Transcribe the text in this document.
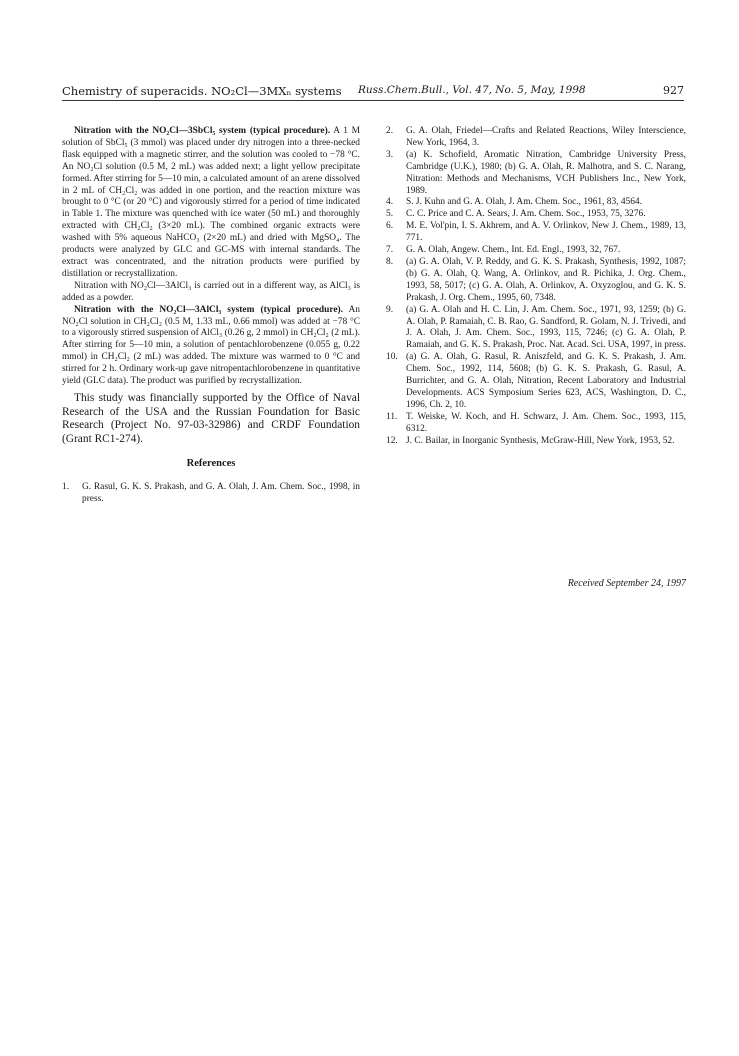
Chemistry of superacids. NO₂Cl—3MXₙ systems Russ.Chem.Bull., Vol. 47, No. 5, May, 1998	927

Nitration with the NO₂Cl—3SbCl₅ system (typical procedure). A 1 M solution of SbCl₅ (3 mmol) was placed under dry nitrogen into a three-necked flask equipped with a magnetic stirrer, and the solution was cooled to −78 °C. An NO₂Cl solution (0.5 M, 2 mL) was added next; a light yellow precipitate formed. After stirring for 5—10 min, a calculated amount of an arene dissolved in 2 mL of CH₂Cl₂ was added in one portion, and the reaction mixture was brought to 0 °C (or 20 °C) and vigorously stirred for a period of time indicated in Table 1. The mixture was quenched with ice water (50 mL) and thoroughly extracted with CH₂Cl₂ (3×20 mL). The combined organic extracts were washed with 5% aqueous NaHCO₃ (2×20 mL) and dried with MgSO₄. The products were analyzed by GLC and GC-MS with internal standards. The extract was concentrated, and the nitration products were purified by distillation or recrystallization.

Nitration with NO₂Cl—3AlCl₃ is carried out in a different way, as AlCl₃ is added as a powder.

Nitration with the NO₂Cl—3AlCl₃ system (typical procedure). An NO₂Cl solution in CH₂Cl₂ (0.5 M, 1.33 mL, 0.66 mmol) was added at −78 °C to a vigorously stirred suspension of AlCl₃ (0.26 g, 2 mmol) in CH₂Cl₂ (2 mL). After stirring for 5—10 min, a solution of pentachlorobenzene (0.055 g, 0.22 mmol) in CH₂Cl₂ (2 mL) was added. The mixture was warmed to 0 °C and stirred for 2 h. Ordinary work-up gave nitropentachlorobenzene in quantitative yield (GLC data). The product was purified by recrystallization.

This study was financially supported by the Office of Naval Research of the USA and the Russian Foundation for Basic Research (Project No. 97-03-32986) and CRDF Foundation (Grant RC1-274).

References

1. G. Rasul, G. K. S. Prakash, and G. A. Olah, J. Am. Chem. Soc., 1998, in press.

2. G. A. Olah, Friedel—Crafts and Related Reactions, Wiley Interscience, New York, 1964, 3.

3. (a) K. Schofield, Aromatic Nitration, Cambridge University Press, Cambridge (U.K.), 1980; (b) G. A. Olah, R. Malhotra, and S. C. Narang, Nitration: Methods and Mechanisms, VCH Publishers Inc., New York, 1989.

4. S. J. Kuhn and G. A. Olah, J. Am. Chem. Soc., 1961, 83, 4564.

5. C. C. Price and C. A. Sears, J. Am. Chem. Soc., 1953, 75, 3276.

6. M. E. Vol'pin, I. S. Akhrem, and A. V. Orlinkov, New J. Chem., 1989, 13, 771.

7. G. A. Olah, Angew. Chem., Int. Ed. Engl., 1993, 32, 767.

8. (a) G. A. Olah, V. P. Reddy, and G. K. S. Prakash, Synthesis, 1992, 1087; (b) G. A. Olah, Q. Wang, A. Orlinkov, and R. Pichika, J. Org. Chem., 1993, 58, 5017; (c) G. A. Olah, A. Orlinkov, A. Oxyzoglou, and G. K. S. Prakash, J. Org. Chem., 1995, 60, 7348.

9. (a) G. A. Olah and H. C. Lin, J. Am. Chem. Soc., 1971, 93, 1259; (b) G. A. Olah, P. Ramaiah, C. B. Rao, G. Sandford, R. Golam, N. J. Trivedi, and J. A. Olah, J. Am. Chem. Soc., 1993, 115, 7246; (c) G. A. Olah, P. Ramaiah, and G. K. S. Prakash, Proc. Nat. Acad. Sci. USA, 1997, in press.

10. (a) G. A. Olah, G. Rasul, R. Aniszfeld, and G. K. S. Prakash, J. Am. Chem. Soc., 1992, 114, 5608; (b) G. K. S. Prakash, G. Rasul, A. Burrichter, and G. A. Olah, Nitration, Recent Laboratory and Industrial Developments. ACS Symposium Series 623, ACS, Washington, D. C., 1996, Ch. 2, 10.

11. T. Weiske, W. Koch, and H. Schwarz, J. Am. Chem. Soc., 1993, 115, 6312.

12. J. C. Bailar, in Inorganic Synthesis, McGraw-Hill, New York, 1953, 52.

Received September 24, 1997
